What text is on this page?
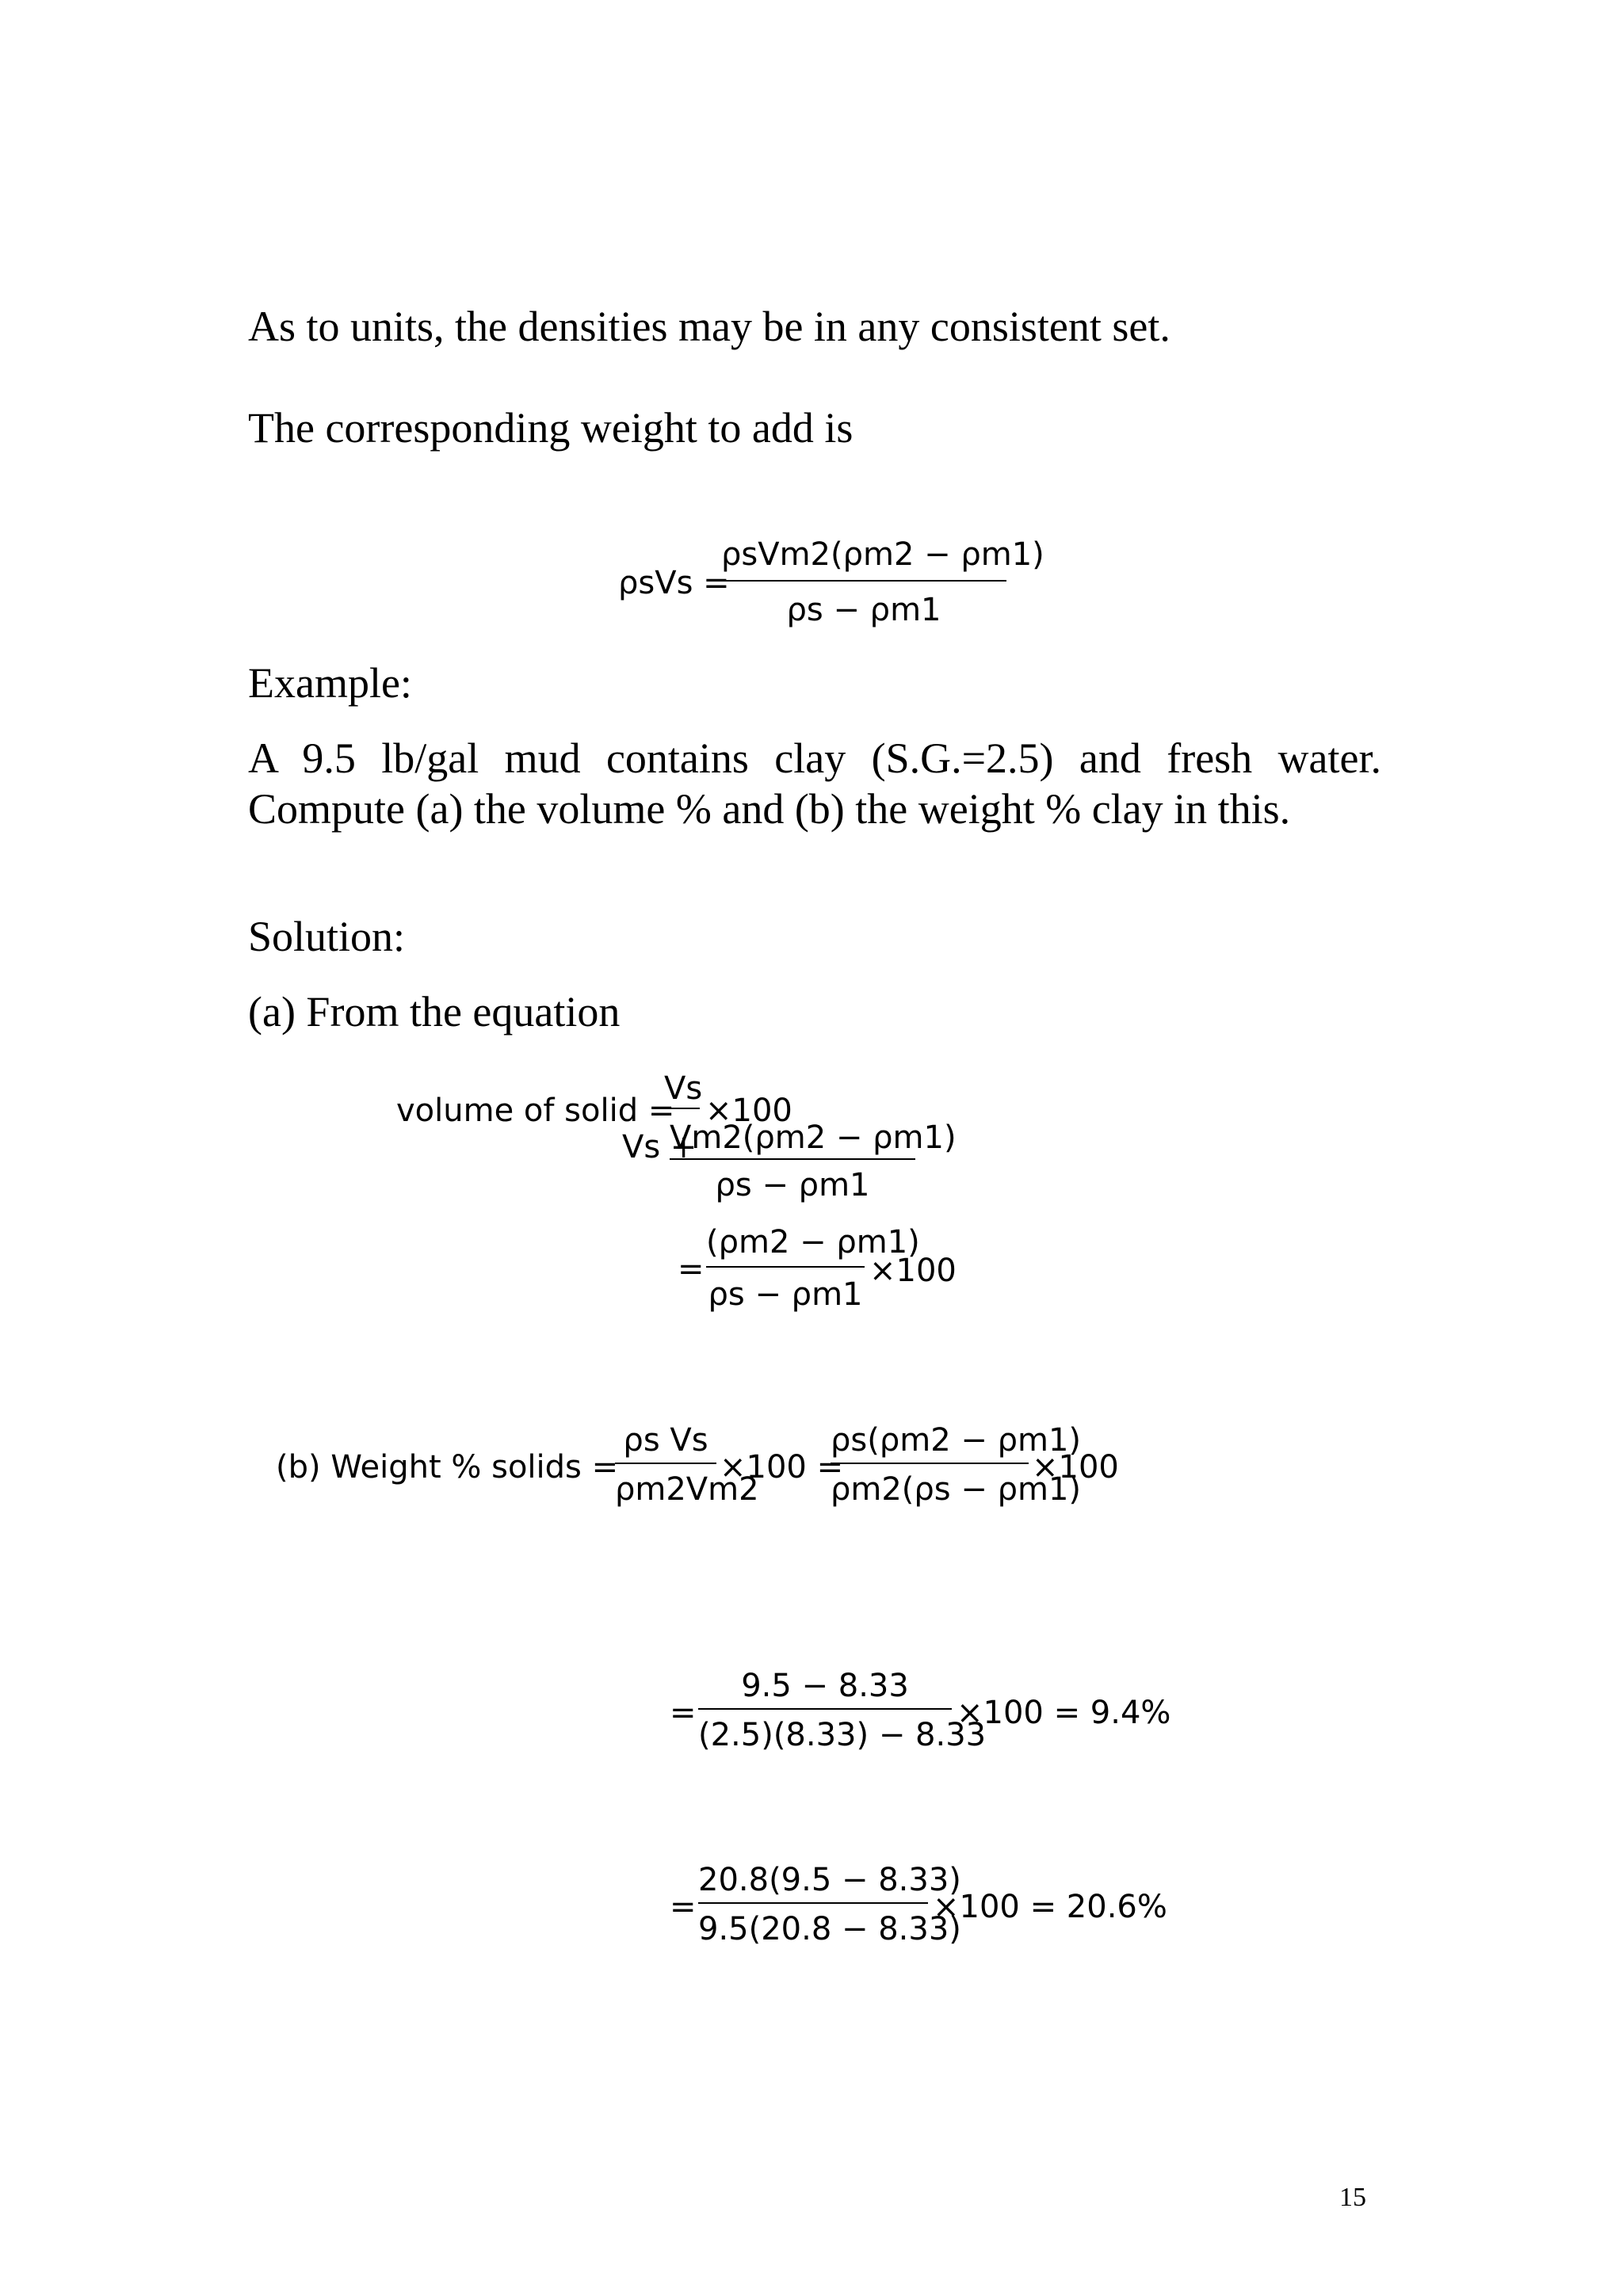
As to units, the densities may be in any consistent set.

The corresponding weight to add is

ρsVs =
ρsVm2(ρm2 − ρm1)
ρs − ρm1

Example:

A 9.5 lb/gal mud contains clay (S.G.=2.5) and fresh water. Compute (a) the volume % and (b) the weight % clay in this.

Solution:

(a) From the equation

volume of solid =
Vs
×100
Vs +
Vm2(ρm2 − ρm1)
ρs − ρm1
=
(ρm2 − ρm1)
ρs − ρm1
×100
(b) Weight % solids =
ρs Vs
ρm2Vm2
×100 =
ρs(ρm2 − ρm1)
ρm2(ρs − ρm1)
×100
=
9.5 − 8.33
(2.5)(8.33) − 8.33
×100 = 9.4%
=
20.8(9.5 − 8.33)
9.5(20.8 − 8.33)
×100 = 20.6%
15
